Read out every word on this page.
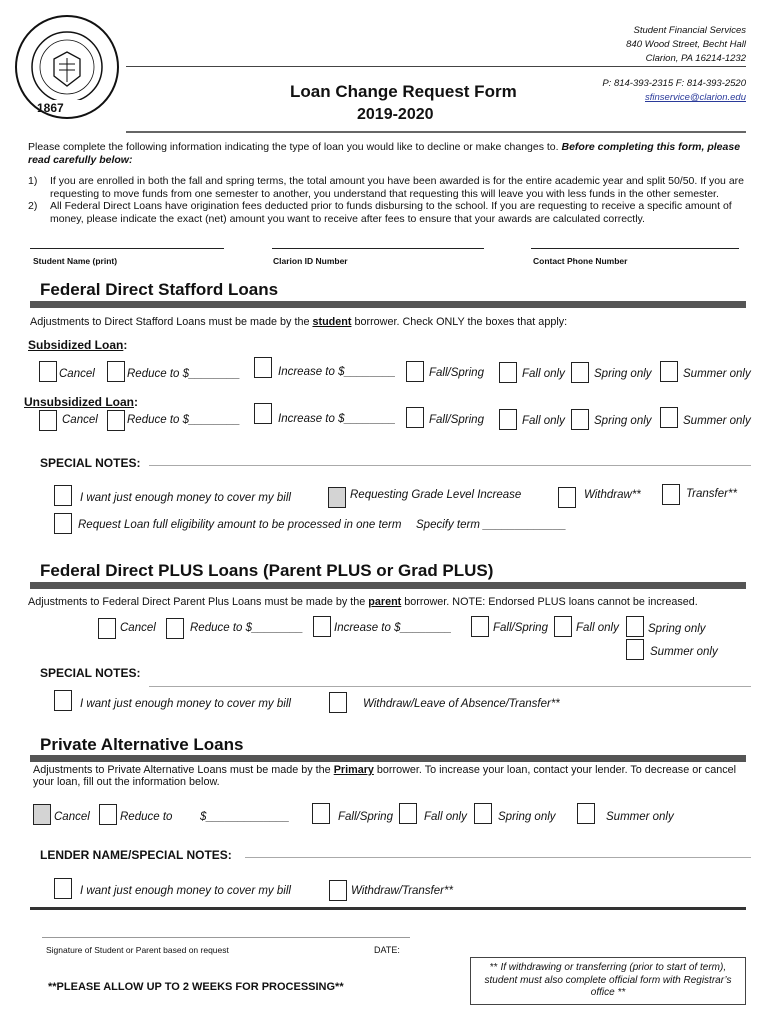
1867
Student Financial Services
840 Wood Street, Becht Hall
Clarion, PA 16214-1232
P: 814-393-2315 F: 814-393-2520
sfinservice@clarion.edu
Loan Change Request Form
2019-2020
Please complete the following information indicating the type of loan you would like to decline or make changes to. Before completing this form, please read carefully below:
1)	If you are enrolled in both the fall and spring terms, the total amount you have been awarded is for the entire academic year and split 50/50. If you are requesting to move funds from one semester to another, you understand that requesting this will leave you with less funds in the other semester.
2)	All Federal Direct Loans have origination fees deducted prior to funds disbursing to the school. If you are requesting to receive a specific amount of money, please indicate the exact (net) amount you want to receive after fees to ensure that your awards are calculated correctly.
Student Name (print)	Clarion ID Number	Contact Phone Number
Federal Direct Stafford Loans
Adjustments to Direct Stafford Loans must be made by the student borrower. Check ONLY the boxes that apply:
Subsidized Loan:
Cancel	Reduce to $________	Increase to $________	Fall/Spring	Fall only	Spring only	Summer only
Unsubsidized Loan:
Cancel	Reduce to $________	Increase to $________	Fall/Spring	Fall only	Spring only	Summer only
SPECIAL NOTES:
I want just enough money to cover my bill	Requesting Grade Level Increase	Withdraw**	Transfer**
Request Loan full eligibility amount to be processed in one term Specify term _____________
Federal Direct PLUS Loans (Parent PLUS or Grad PLUS)
Adjustments to Federal Direct Parent Plus Loans must be made by the parent borrower. NOTE: Endorsed PLUS loans cannot be increased.
Cancel	Reduce to $________	Increase to $________	Fall/Spring Fall only	Spring only
Summer only
SPECIAL NOTES:
I want just enough money to cover my bill	Withdraw/Leave of Absence/Transfer**
Private Alternative Loans
Adjustments to Private Alternative Loans must be made by the Primary borrower. To increase your loan, contact your lender. To decrease or cancel your loan, fill out the information below.
Cancel	Reduce to $_____________	Fall/Spring	Fall only	Spring only	Summer only
LENDER NAME/SPECIAL NOTES:
I want just enough money to cover my bill	Withdraw/Transfer**
Signature of Student or Parent based on request	DATE:
**PLEASE ALLOW UP TO 2 WEEKS FOR PROCESSING**
** If withdrawing or transferring (prior to start of term), student must also complete official form with Registrar’s office **
